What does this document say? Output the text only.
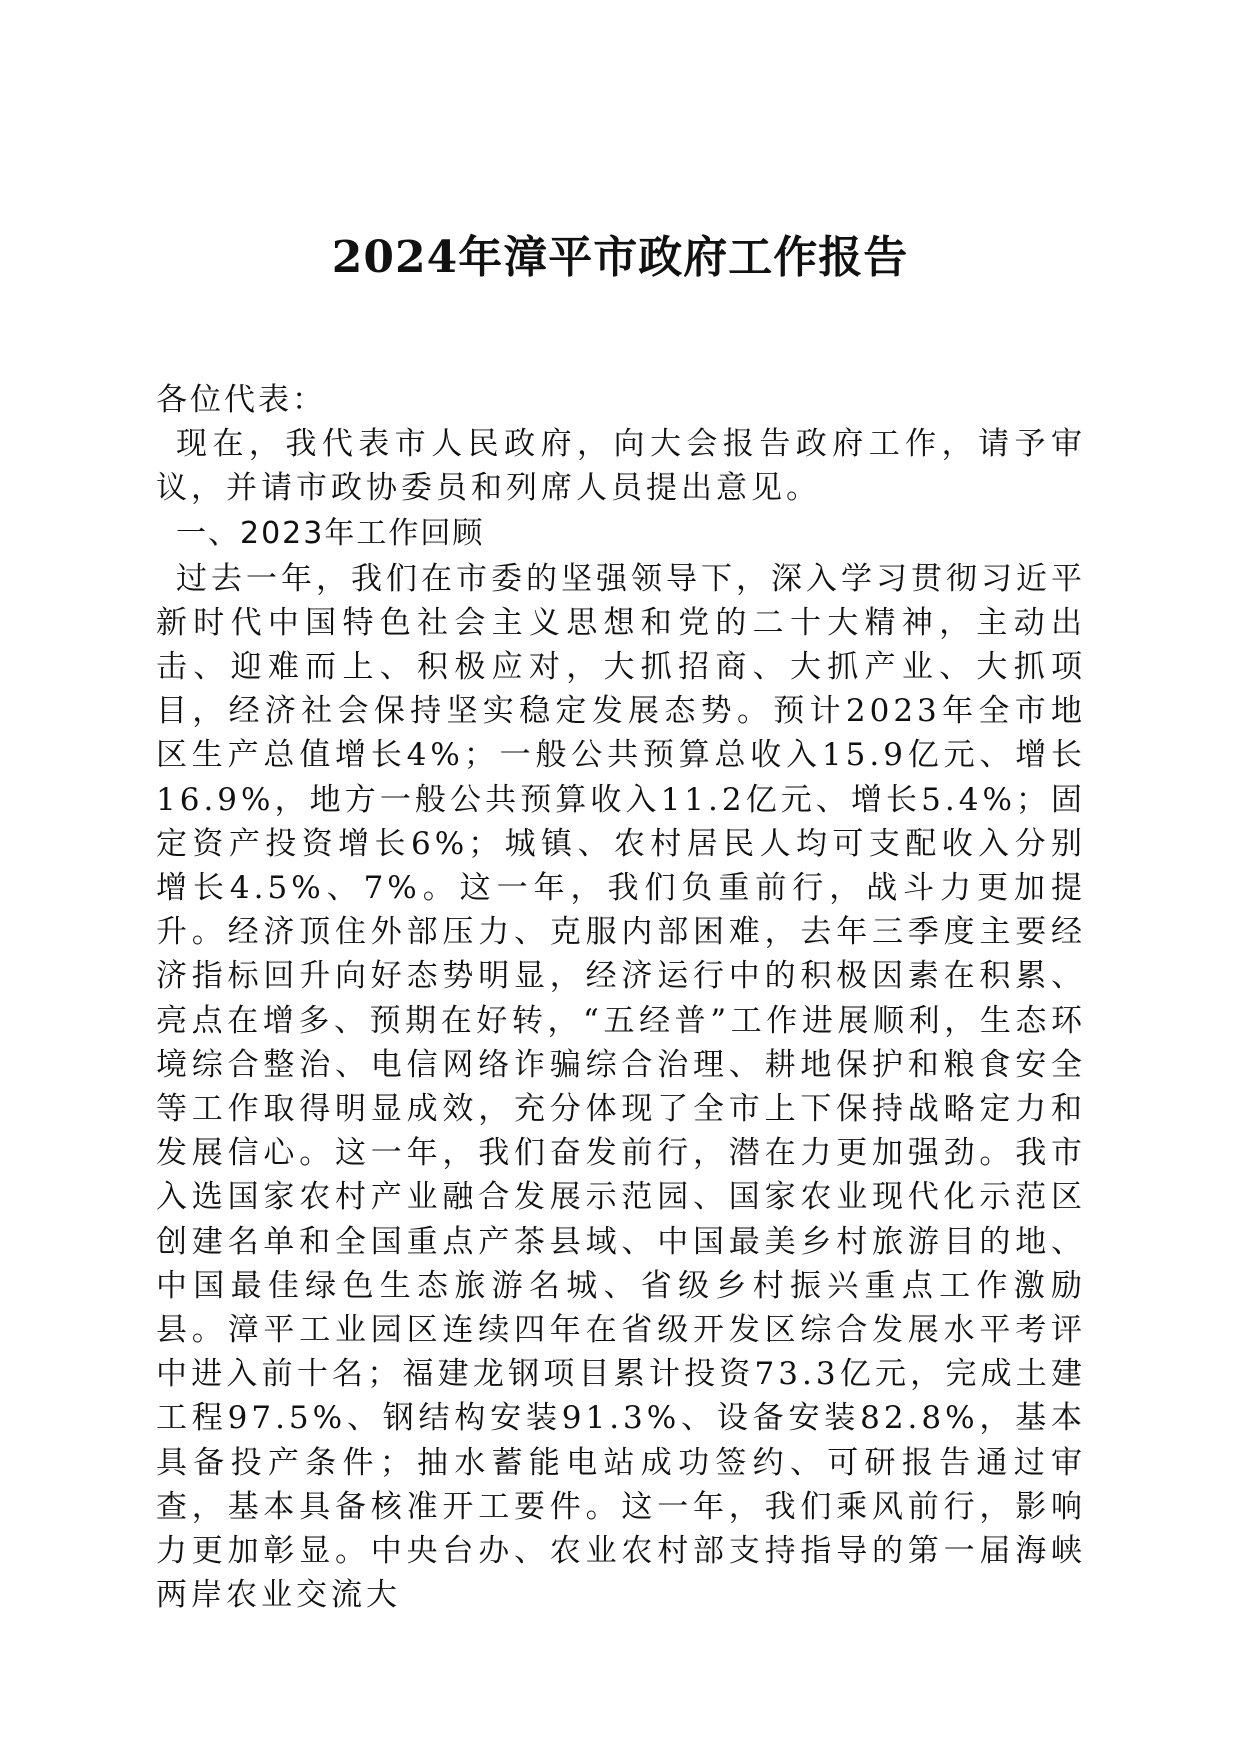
2024年漳平市政府工作报告

各位代表：

现在，我代表市人民政府，向大会报告政府工作，请予审议，并请市政协委员和列席人员提出意见。

一、2023年工作回顾

过去一年，我们在市委的坚强领导下，深入学习贯彻习近平新时代中国特色社会主义思想和党的二十大精神，主动出击、迎难而上、积极应对，大抓招商、大抓产业、大抓项目，经济社会保持坚实稳定发展态势。预计2023年全市地区生产总值增长4%；一般公共预算总收入15.9亿元、增长16.9%，地方一般公共预算收入11.2亿元、增长5.4%；固定资产投资增长6%；城镇、农村居民人均可支配收入分别增长4.5%、7%。这一年，我们负重前行，战斗力更加提升。经济顶住外部压力、克服内部困难，去年三季度主要经济指标回升向好态势明显，经济运行中的积极因素在积累、亮点在增多、预期在好转，“五经普”工作进展顺利，生态环境综合整治、电信网络诈骗综合治理、耕地保护和粮食安全等工作取得明显成效，充分体现了全市上下保持战略定力和发展信心。这一年，我们奋发前行，潜在力更加强劲。我市入选国家农村产业融合发展示范园、国家农业现代化示范区创建名单和全国重点产茶县域、中国最美乡村旅游目的地、中国最佳绿色生态旅游名城、省级乡村振兴重点工作激励县。漳平工业园区连续四年在省级开发区综合发展水平考评中进入前十名；福建龙钢项目累计投资73.3亿元，完成土建工程97.5%、钢结构安装91.3%、设备安装82.8%，基本具备投产条件；抽水蓄能电站成功签约、可研报告通过审查，基本具备核准开工要件。这一年，我们乘风前行，影响力更加彰显。中央台办、农业农村部支持指导的第一届海峡两岸农业交流大
